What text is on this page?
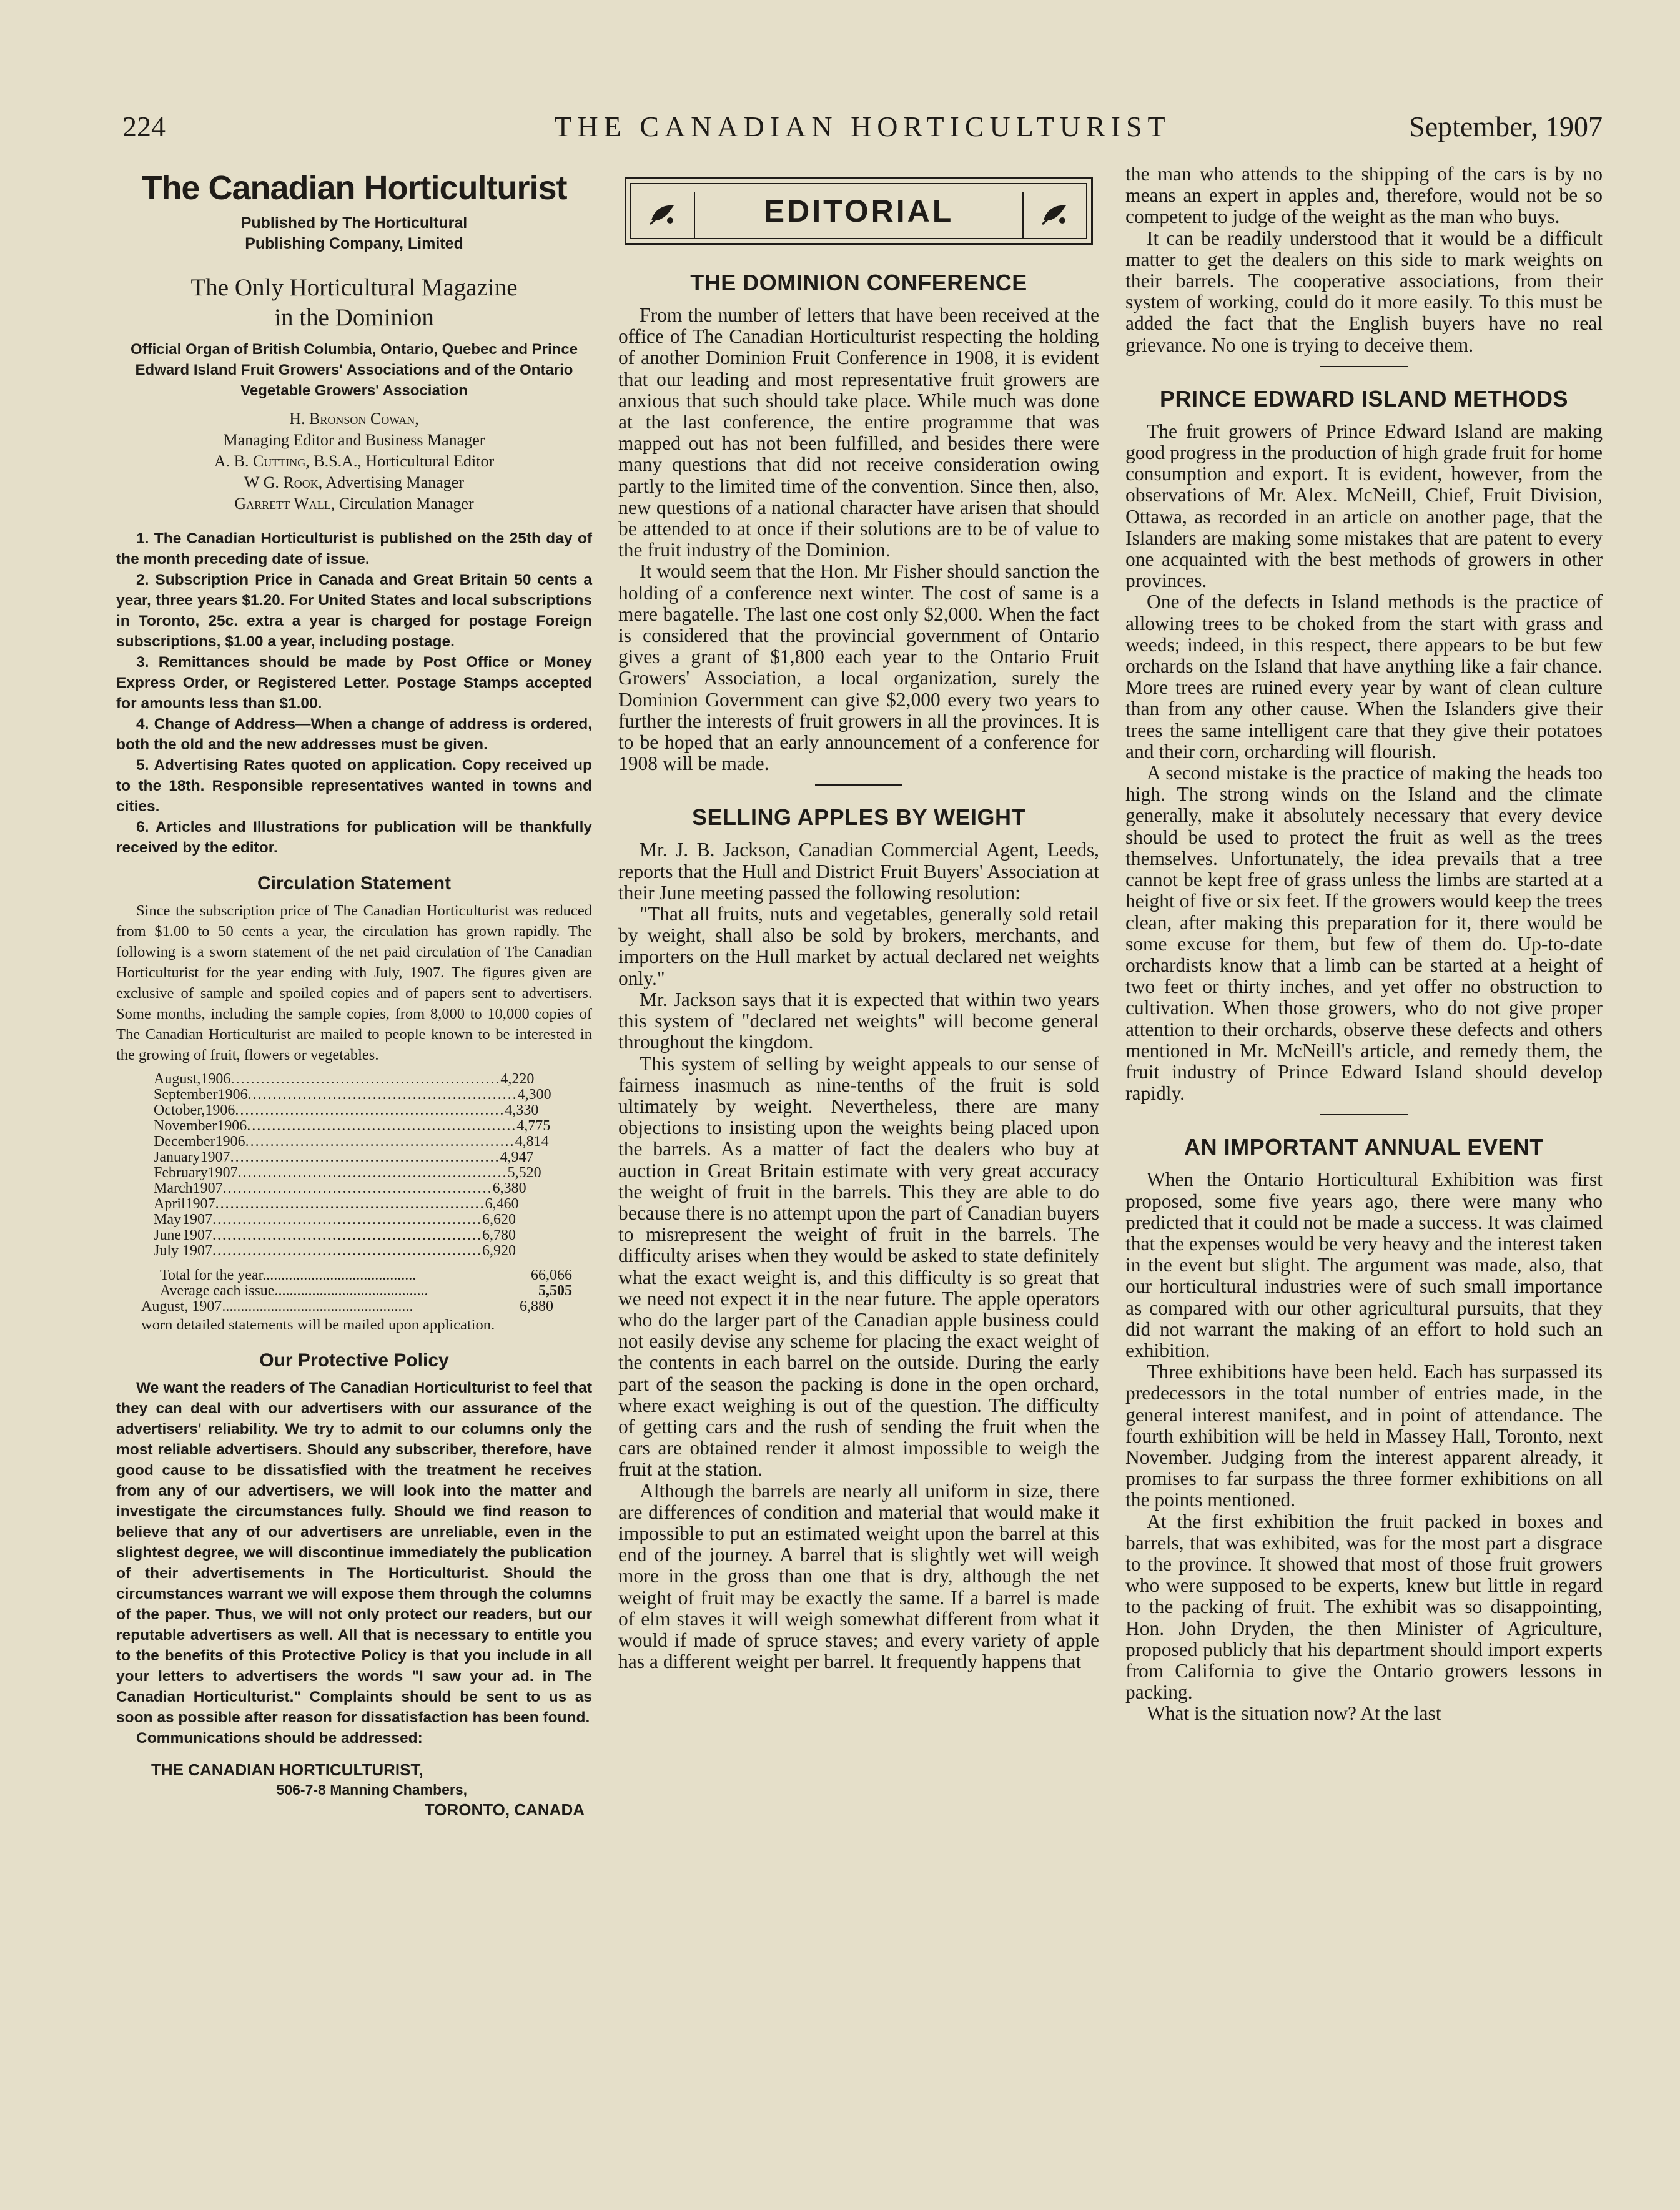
224	THE CANADIAN HORTICULTURIST	September, 1907
The Canadian Horticulturist
Published by The Horticultural
Publishing Company, Limited
The Only Horticultural Magazine
in the Dominion
Official Organ of British Columbia, Ontario, Quebec and Prince Edward Island Fruit Growers' Associations and of the Ontario Vegetable Growers' Association
H. Bronson Cowan,
Managing Editor and Business Manager
A. B. Cutting, B.S.A., Horticultural Editor
W G. Rook, Advertising Manager
Garrett Wall, Circulation Manager

1. The Canadian Horticulturist is published on the 25th day of the month preceding date of issue.

2. Subscription Price in Canada and Great Britain 50 cents a year, three years $1.20. For United States and local subscriptions in Toronto, 25c. extra a year is charged for postage Foreign subscriptions, $1.00 a year, including postage.

3. Remittances should be made by Post Office or Money Express Order, or Registered Letter. Postage Stamps accepted for amounts less than $1.00.

4. Change of Address—When a change of address is ordered, both the old and the new addresses must be given.

5. Advertising Rates quoted on application. Copy received up to the 18th. Responsible representatives wanted in towns and cities.

6. Articles and Illustrations for publication will be thankfully received by the editor.

Circulation Statement

Since the subscription price of The Canadian Horticulturist was reduced from $1.00 to 50 cents a year, the circulation has grown rapidly. The following is a sworn statement of the net paid circulation of The Canadian Horticulturist for the year ending with July, 1907. The figures given are exclusive of sample and spoiled copies and of papers sent to advertisers. Some months, including the sample copies, from 8,000 to 10,000 copies of The Canadian Horticulturist are mailed to people known to be interested in the growing of fruit, flowers or vegetables.

August, 1906 ...................................................... 4,220
September 1906 ...................................................... 4,300
October, 1906 ...................................................... 4,330
November 1906 ...................................................... 4,775
December 1906 ...................................................... 4,814
January 1907 ...................................................... 4,947
February 1907 ...................................................... 5,520
March 1907 ...................................................... 6,380
April 1907 ...................................................... 6,460
May 1907 ...................................................... 6,620
June 1907 ...................................................... 6,780
July 1907 ...................................................... 6,920
Total for the year.........................................	66,066
Average each issue.........................................	5,505
August, 1907...................................................	6,880

worn detailed statements will be mailed upon application.

Our Protective Policy

We want the readers of The Canadian Horticulturist to feel that they can deal with our advertisers with our assurance of the advertisers' reliability. We try to admit to our columns only the most reliable advertisers. Should any subscriber, therefore, have good cause to be dissatisfied with the treatment he receives from any of our advertisers, we will look into the matter and investigate the circumstances fully. Should we find reason to believe that any of our advertisers are unreliable, even in the slightest degree, we will discontinue immediately the publication of their advertisements in The Horticulturist. Should the circumstances warrant we will expose them through the columns of the paper. Thus, we will not only protect our readers, but our reputable advertisers as well. All that is necessary to entitle you to the benefits of this Protective Policy is that you include in all your letters to advertisers the words "I saw your ad. in The Canadian Horticulturist." Complaints should be sent to us as soon as possible after reason for dissatisfaction has been found.

Communications should be addressed:

THE CANADIAN HORTICULTURIST,
506-7-8 Manning Chambers,
TORONTO, CANADA
EDITORIAL
THE DOMINION CONFERENCE

From the number of letters that have been received at the office of The Canadian Horticulturist respecting the holding of another Dominion Fruit Conference in 1908, it is evident that our leading and most representative fruit growers are anxious that such should take place. While much was done at the last conference, the entire programme that was mapped out has not been fulfilled, and besides there were many questions that did not receive consideration owing partly to the limited time of the convention. Since then, also, new questions of a national character have arisen that should be attended to at once if their solutions are to be of value to the fruit industry of the Dominion.

It would seem that the Hon. Mr Fisher should sanction the holding of a conference next winter. The cost of same is a mere bagatelle. The last one cost only $2,000. When the fact is considered that the provincial government of Ontario gives a grant of $1,800 each year to the Ontario Fruit Growers' Association, a local organization, surely the Dominion Government can give $2,000 every two years to further the interests of fruit growers in all the provinces. It is to be hoped that an early announcement of a conference for 1908 will be made.

SELLING APPLES BY WEIGHT

Mr. J. B. Jackson, Canadian Commercial Agent, Leeds, reports that the Hull and District Fruit Buyers' Association at their June meeting passed the following resolution:

"That all fruits, nuts and vegetables, generally sold retail by weight, shall also be sold by brokers, merchants, and importers on the Hull market by actual declared net weights only."

Mr. Jackson says that it is expected that within two years this system of "declared net weights" will become general throughout the kingdom.

This system of selling by weight appeals to our sense of fairness inasmuch as nine-tenths of the fruit is sold ultimately by weight. Nevertheless, there are many objections to insisting upon the weights being placed upon the barrels. As a matter of fact the dealers who buy at auction in Great Britain estimate with very great accuracy the weight of fruit in the barrels. This they are able to do because there is no attempt upon the part of Canadian buyers to misrepresent the weight of fruit in the barrels. The difficulty arises when they would be asked to state definitely what the exact weight is, and this difficulty is so great that we need not expect it in the near future. The apple operators who do the larger part of the Canadian apple business could not easily devise any scheme for placing the exact weight of the contents in each barrel on the outside. During the early part of the season the packing is done in the open orchard, where exact weighing is out of the question. The difficulty of getting cars and the rush of sending the fruit when the cars are obtained render it almost impossible to weigh the fruit at the station.

Although the barrels are nearly all uniform in size, there are differences of condition and material that would make it impossible to put an estimated weight upon the barrel at this end of the journey. A barrel that is slightly wet will weigh more in the gross than one that is dry, although the net weight of fruit may be exactly the same. If a barrel is made of elm staves it will weigh somewhat different from what it would if made of spruce staves; and every variety of apple has a different weight per barrel. It frequently happens that

the man who attends to the shipping of the cars is by no means an expert in apples and, therefore, would not be so competent to judge of the weight as the man who buys.

It can be readily understood that it would be a difficult matter to get the dealers on this side to mark weights on their barrels. The cooperative associations, from their system of working, could do it more easily. To this must be added the fact that the English buyers have no real grievance. No one is trying to deceive them.

PRINCE EDWARD ISLAND METHODS

The fruit growers of Prince Edward Island are making good progress in the production of high grade fruit for home consumption and export. It is evident, however, from the observations of Mr. Alex. McNeill, Chief, Fruit Division, Ottawa, as recorded in an article on another page, that the Islanders are making some mistakes that are patent to every one acquainted with the best methods of growers in other provinces.

One of the defects in Island methods is the practice of allowing trees to be choked from the start with grass and weeds; indeed, in this respect, there appears to be but few orchards on the Island that have anything like a fair chance. More trees are ruined every year by want of clean culture than from any other cause. When the Islanders give their trees the same intelligent care that they give their potatoes and their corn, orcharding will flourish.

A second mistake is the practice of making the heads too high. The strong winds on the Island and the climate generally, make it absolutely necessary that every device should be used to protect the fruit as well as the trees themselves. Unfortunately, the idea prevails that a tree cannot be kept free of grass unless the limbs are started at a height of five or six feet. If the growers would keep the trees clean, after making this preparation for it, there would be some excuse for them, but few of them do. Up-to-date orchardists know that a limb can be started at a height of two feet or thirty inches, and yet offer no obstruction to cultivation. When those growers, who do not give proper attention to their orchards, observe these defects and others mentioned in Mr. McNeill's article, and remedy them, the fruit industry of Prince Edward Island should develop rapidly.

AN IMPORTANT ANNUAL EVENT

When the Ontario Horticultural Exhibition was first proposed, some five years ago, there were many who predicted that it could not be made a success. It was claimed that the expenses would be very heavy and the interest taken in the event but slight. The argument was made, also, that our horticultural industries were of such small importance as compared with our other agricultural pursuits, that they did not warrant the making of an effort to hold such an exhibition.

Three exhibitions have been held. Each has surpassed its predecessors in the total number of entries made, in the general interest manifest, and in point of attendance. The fourth exhibition will be held in Massey Hall, Toronto, next November. Judging from the interest apparent already, it promises to far surpass the three former exhibitions on all the points mentioned.

At the first exhibition the fruit packed in boxes and barrels, that was exhibited, was for the most part a disgrace to the province. It showed that most of those fruit growers who were supposed to be experts, knew but little in regard to the packing of fruit. The exhibit was so disappointing, Hon. John Dryden, the then Minister of Agriculture, proposed publicly that his department should import experts from California to give the Ontario growers lessons in packing.

What is the situation now? At the last
